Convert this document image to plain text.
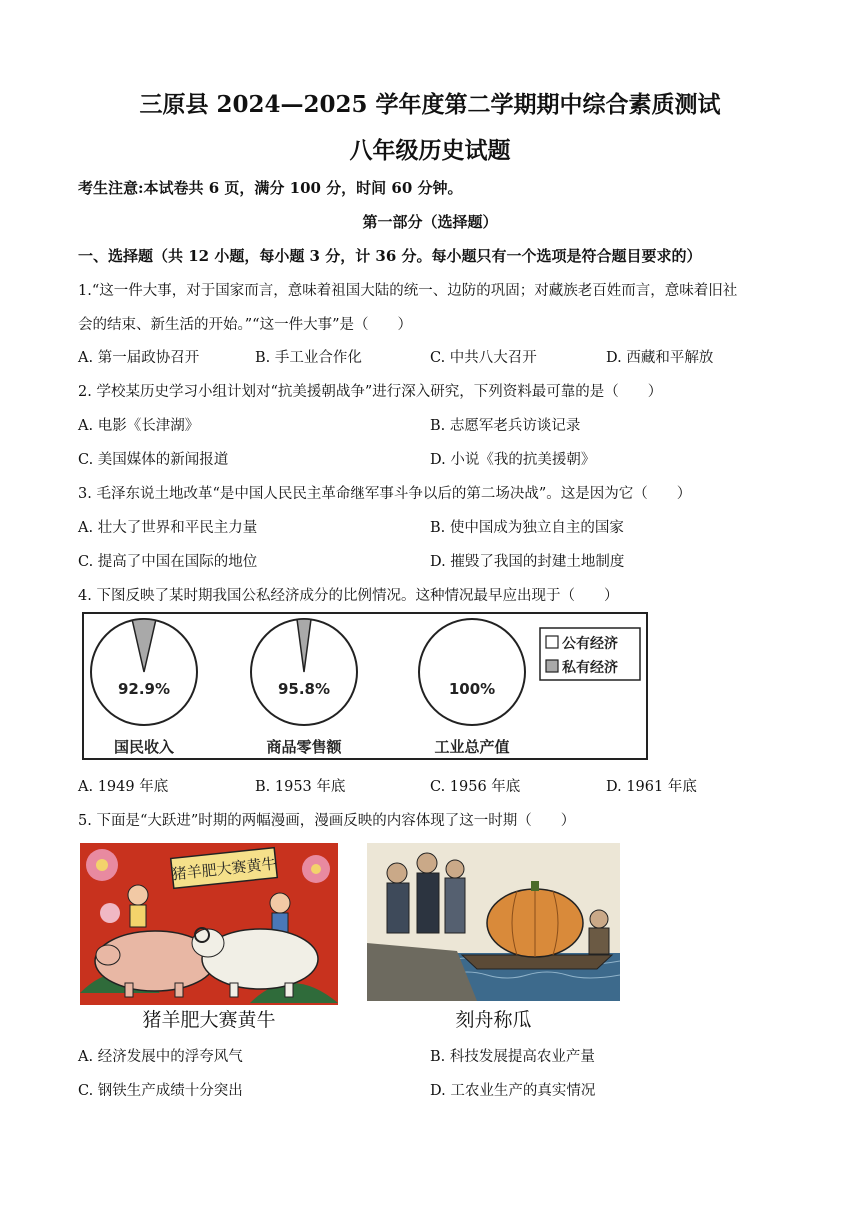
三原县 2024—2025 学年度第二学期期中综合素质测试
八年级历史试题
考生注意:本试卷共 6 页，满分 100 分，时间 60 分钟。
第一部分（选择题）
一、选择题（共 12 小题，每小题 3 分，计 36 分。每小题只有一个选项是符合题目要求的）
1.“这一件大事，对于国家而言，意味着祖国大陆的统一、边防的巩固；对藏族老百姓而言，意味着旧社
会的结束、新生活的开始。”“这一件大事”是（　　）
A. 第一届政协召开	B. 手工业合作化	C. 中共八大召开	D. 西藏和平解放
2. 学校某历史学习小组计划对“抗美援朝战争”进行深入研究，下列资料最可靠的是（　　）
A. 电影《长津湖》	B. 志愿军老兵访谈记录
C. 美国媒体的新闻报道	D. 小说《我的抗美援朝》
3. 毛泽东说土地改革“是中国人民民主革命继军事斗争以后的第二场决战”。这是因为它（　　）
A. 壮大了世界和平民主力量	B. 使中国成为独立自主的国家
C. 提高了中国在国际的地位	D. 摧毁了我国的封建土地制度
4. 下图反映了某时期我国公私经济成分的比例情况。这种情况最早应出现于（　　）
92.9%
国民收入
95.8%
商品零售额
100%
工业总产值
公有经济
私有经济
A. 1949 年底	B. 1953 年底	C. 1956 年底	D. 1961 年底
5. 下面是“大跃进”时期的两幅漫画，漫画反映的内容体现了这一时期（　　）
猪羊肥大赛黄牛
猪羊肥大赛黄牛	刻舟称瓜
A. 经济发展中的浮夸风气	B. 科技发展提高农业产量
C. 钢铁生产成绩十分突出	D. 工农业生产的真实情况
